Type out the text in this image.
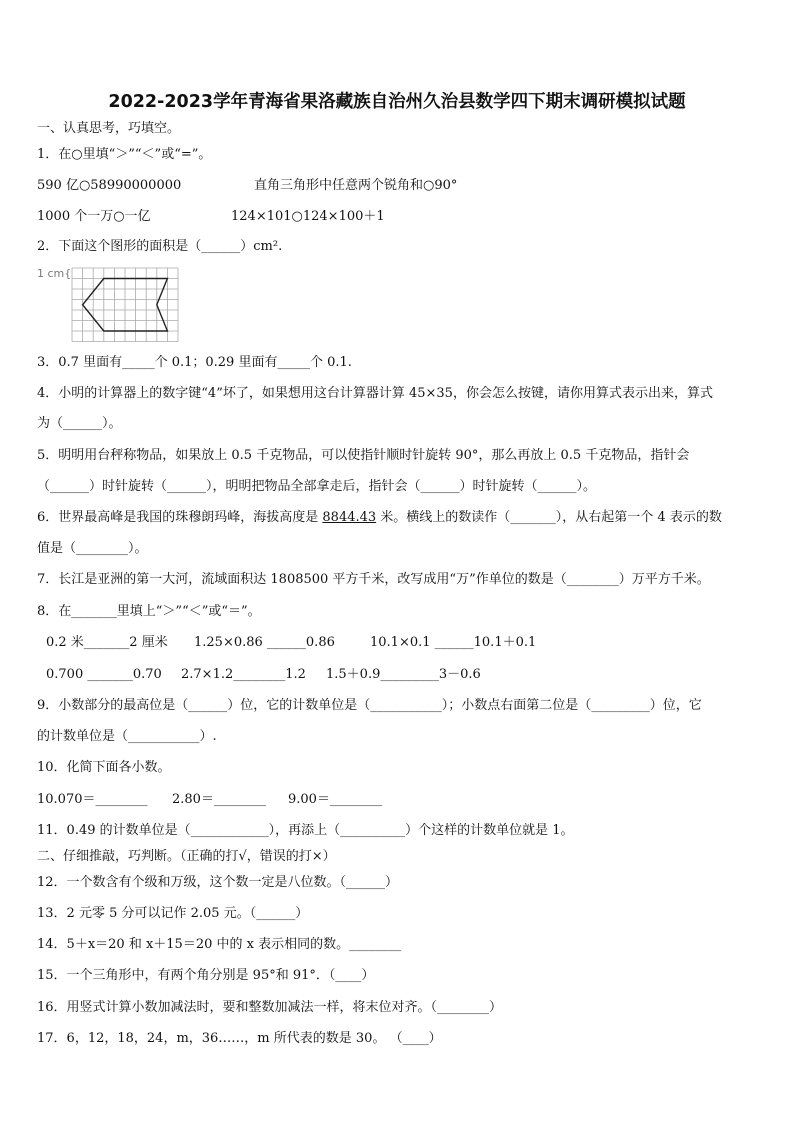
2022-2023学年青海省果洛藏族自治州久治县数学四下期末调研模拟试题
一、认真思考，巧填空。
1．在○里填“＞”“＜”或“=”。
590 亿○58990000000	直角三角形中任意两个锐角和○90°
1000 个一万○一亿	124×101○124×100＋1
2．下面这个图形的面积是（______）cm².
1 cm{
3．0.7 里面有_____个 0.1；0.29 里面有_____个 0.1.
4．小明的计算器上的数字键“4”坏了，如果想用这台计算器计算 45×35，你会怎么按键，请你用算式表示出来，算式
为（______）。
5．明明用台秤称物品，如果放上 0.5 千克物品，可以使指针顺时针旋转 90°，那么再放上 0.5 千克物品，指针会
（______）时针旋转（______），明明把物品全部拿走后，指针会（______）时针旋转（______）。
6．世界最高峰是我国的珠穆朗玛峰，海拔高度是 8844.43 米。横线上的数读作（_______），从右起第一个 4 表示的数
值是（________）。
7．长江是亚洲的第一大河，流域面积达 1808500 平方千米，改写成用“万”作单位的数是（________）万平方千米。
8．在_______里填上“＞”“＜”或“＝”。
0.2 米_______2 厘米 1.25×0.86 ______0.86	10.1×0.1 ______10.1＋0.1
0.700 _______0.70 2.7×1.2________1.2 1.5＋0.9_________3－0.6
9．小数部分的最高位是（______）位，它的计数单位是（___________）；小数点右面第二位是（_________）位，它
的计数单位是（___________）.
10．化简下面各小数。
10.070＝________ 2.80＝________ 9.00＝________
11．0.49 的计数单位是（____________），再添上（__________）个这样的计数单位就是 1。
二、仔细推敲，巧判断。（正确的打√，错误的打×）
12．一个数含有个级和万级，这个数一定是八位数。（______）
13．2 元零 5 分可以记作 2.05 元。（______）
14．5＋x＝20 和 x＋15＝20 中的 x 表示相同的数。________
15．一个三角形中，有两个角分别是 95°和 91°．（____）
16．用竖式计算小数加减法时，要和整数加减法一样，将末位对齐。（________）
17．6，12，18，24，m，36……，m 所代表的数是 30。 （____）
